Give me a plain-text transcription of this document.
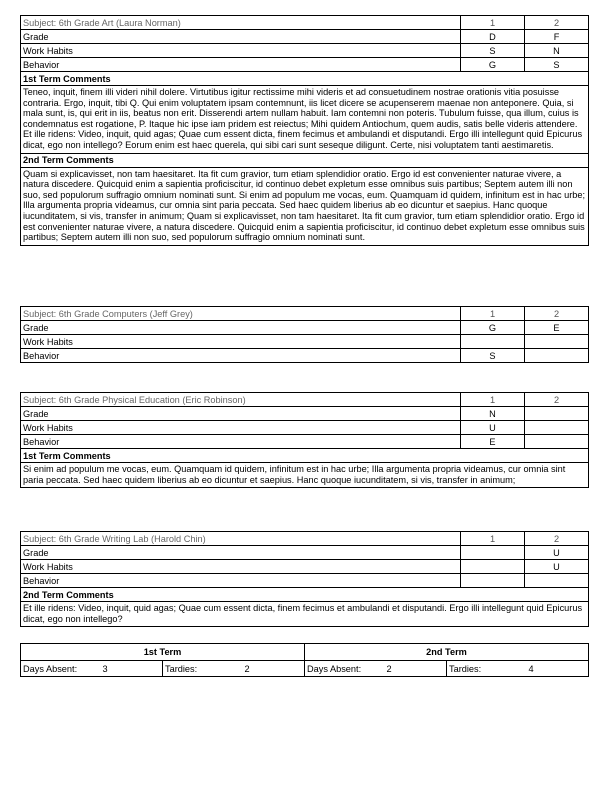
Subject: 6th Grade Art (Laura Norman)	1	2
Grade	D	F
Work Habits	S	N
Behavior	G	S
1st Term Comments		
Teneo, inquit, finem illi videri nihil dolere. Virtutibus igitur rectissime mihi videris et ad consuetudinem nostrae orationis vitia posuisse contraria. Ergo, inquit, tibi Q. Qui enim voluptatem ipsam contemnunt, iis licet dicere se acupenserem maenae non anteponere. Quia, si mala sunt, is, qui erit in iis, beatus non erit. Disserendi artem nullam habuit. Iam contemni non poteris. Tubulum fuisse, qua illum, cuius is condemnatus est rogatione, P. Itaque hic ipse iam pridem est reiectus; Mihi quidem Antiochum, quem audis, satis belle videris attendere. Et ille ridens: Video, inquit, quid agas; Quae cum essent dicta, finem fecimus et ambulandi et disputandi. Ergo illi intellegunt quid Epicurus dicat, ego non intellego? Eorum enim est haec querela, qui sibi cari sunt seseque diligunt. Certe, nisi voluptatem tanti aestimaretis.		
2nd Term Comments		
Quam si explicavisset, non tam haesitaret. Ita fit cum gravior, tum etiam splendidior oratio. Ergo id est convenienter naturae vivere, a natura discedere. Quicquid enim a sapientia proficiscitur, id continuo debet expletum esse omnibus suis partibus; Septem autem illi non suo, sed populorum suffragio omnium nominati sunt. Si enim ad populum me vocas, eum. Quamquam id quidem, infinitum est in hac urbe; Illa argumenta propria videamus, cur omnia sint paria peccata. Sed haec quidem liberius ab eo dicuntur et saepius. Hanc quoque iucunditatem, si vis, transfer in animum; Quam si explicavisset, non tam haesitaret. Ita fit cum gravior, tum etiam splendidior oratio. Ergo id est convenienter naturae vivere, a natura discedere. Quicquid enim a sapientia proficiscitur, id continuo debet expletum esse omnibus suis partibus; Septem autem illi non suo, sed populorum suffragio omnium nominati sunt.		
Subject: 6th Grade Computers (Jeff Grey)	1	2
Grade	G	E
Work Habits		
Behavior	S	
Subject: 6th Grade Physical Education (Eric Robinson)	1	2
Grade	N	
Work Habits	U	
Behavior	E	
1st Term Comments		
Si enim ad populum me vocas, eum. Quamquam id quidem, infinitum est in hac urbe; Illa argumenta propria videamus, cur omnia sint paria peccata. Sed haec quidem liberius ab eo dicuntur et saepius. Hanc quoque iucunditatem, si vis, transfer in animum;		
Subject: 6th Grade Writing Lab (Harold Chin)	1	2
Grade		U
Work Habits		U
Behavior		
2nd Term Comments		
Et ille ridens: Video, inquit, quid agas; Quae cum essent dicta, finem fecimus et ambulandi et disputandi. Ergo illi intellegunt quid Epicurus dicat, ego non intellego?		
1st Term		2nd Term	
Days Absent: 3	Tardies: 2	Days Absent: 2	Tardies: 4
